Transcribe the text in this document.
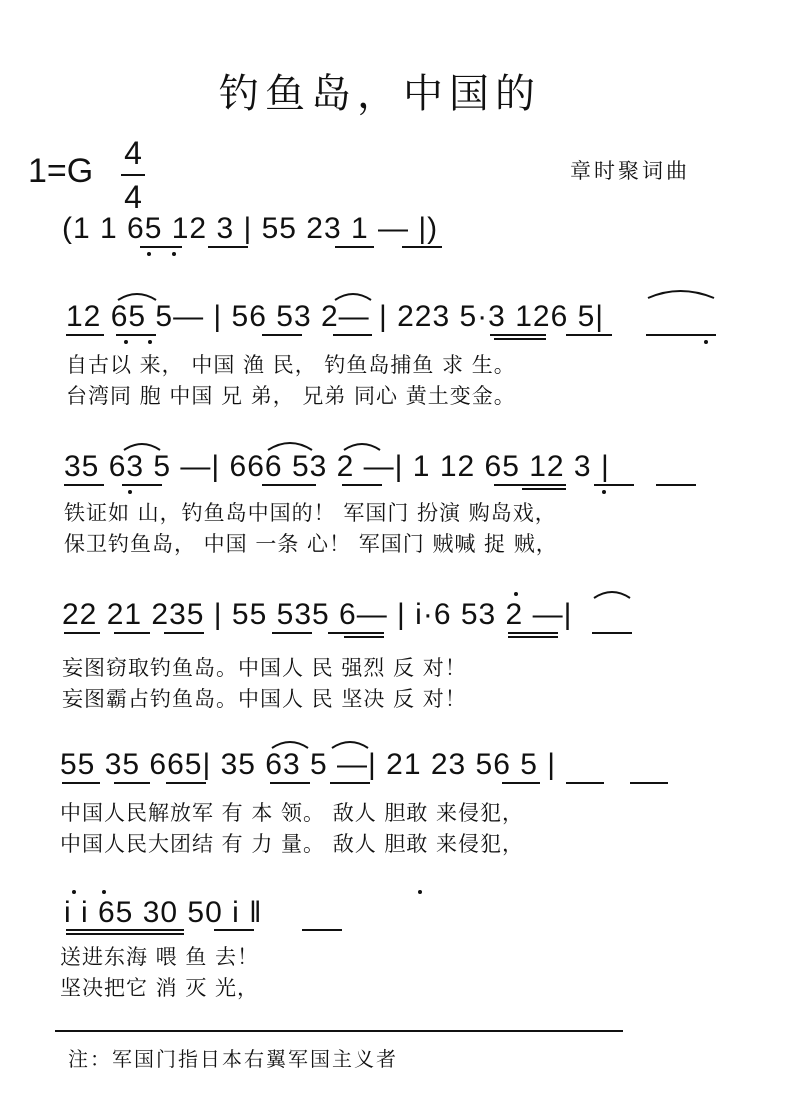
钓鱼岛，中国的
1=G 4
4
章时聚词曲
(1 1 65 12 3 | 55 23 1 — |)
12 65 5— | 56 53 2— | 223 5·3 126 5|
自古以 来， 中国 渔 民， 钓鱼岛捕鱼 求 生。
台湾同 胞 中国 兄 弟， 兄弟 同心 黄土变金。
35 63 5 —| 666 53 2 —| 1 12 65 12 3 |
铁证如 山，钓鱼岛中国的！ 军国门 扮演 购岛戏，
保卫钓鱼岛， 中国 一条 心！ 军国门 贼喊 捉 贼，
22 21 235 | 55 535 6— | i·6 53 2 —|
妄图窃取钓鱼岛。中国人 民 强烈 反 对！
妄图霸占钓鱼岛。中国人 民 坚决 反 对！
55 35 665| 35 63 5 —| 21 23 56 5 |
中国人民解放军 有 本 领。 敌人 胆敢 来侵犯，
中国人民大团结 有 力 量。 敌人 胆敢 来侵犯，
i i 65 30 50 i ‖
送进东海 喂 鱼 去！
坚决把它 消 灭 光，
注：军国门指日本右翼军国主义者
